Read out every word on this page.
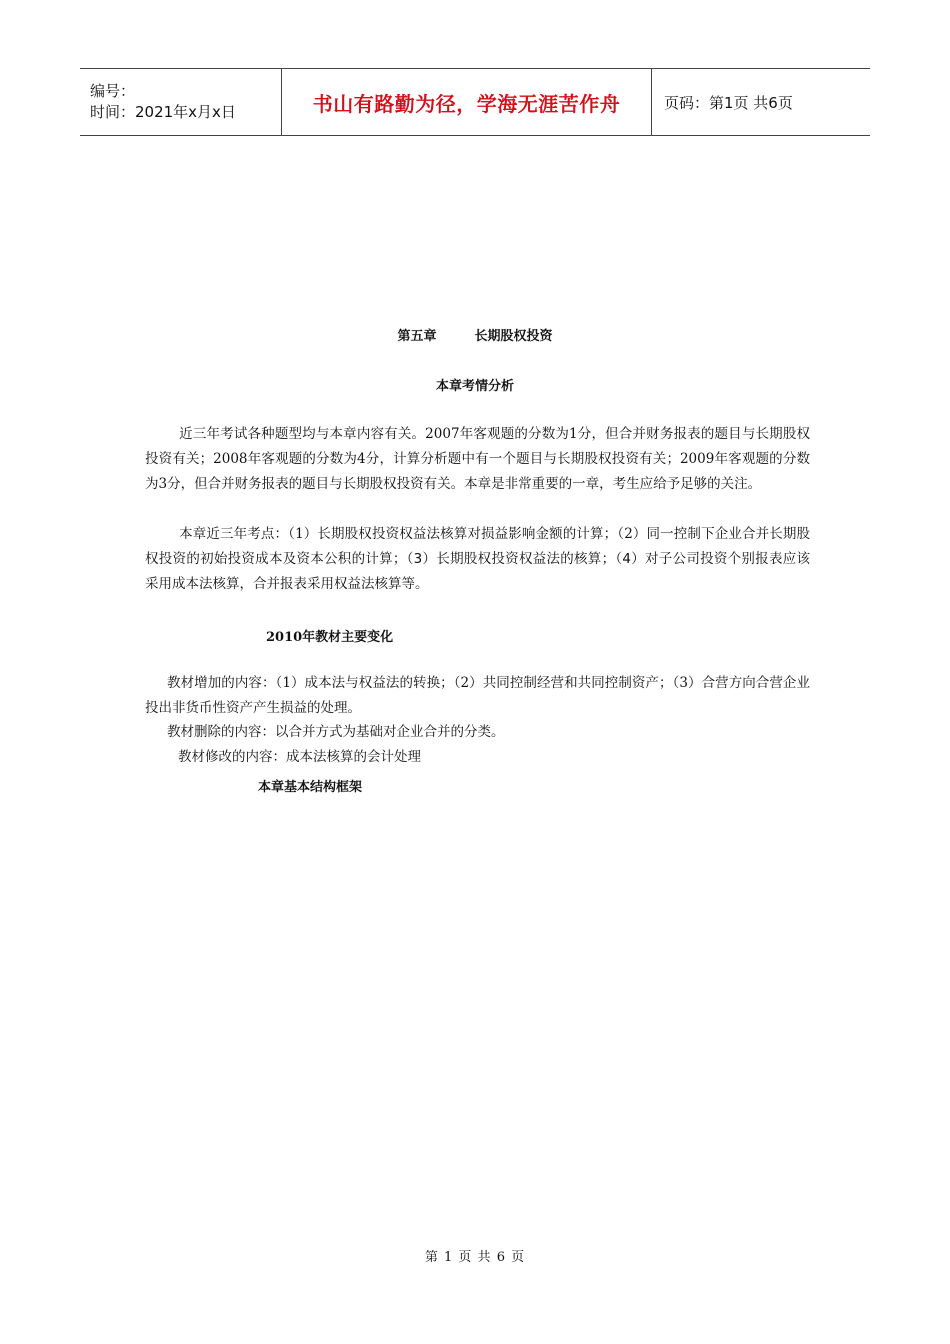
编号：
时间：2021年x月x日	书山有路勤为径，学海无涯苦作舟	页码：第1页 共6页
第五章	长期股权投资
本章考情分析
近三年考试各种题型均与本章内容有关。2007年客观题的分数为1分，但合并财务报表的题目与长期股权投资有关；2008年客观题的分数为4分，计算分析题中有一个题目与长期股权投资有关；2009年客观题的分数为3分，但合并财务报表的题目与长期股权投资有关。本章是非常重要的一章，考生应给予足够的关注。
本章近三年考点：（1）长期股权投资权益法核算对损益影响金额的计算；（2）同一控制下企业合并长期股权投资的初始投资成本及资本公积的计算；（3）长期股权投资权益法的核算；（4）对子公司投资个别报表应该采用成本法核算，合并报表采用权益法核算等。
2010年教材主要变化
教材增加的内容：（1）成本法与权益法的转换；（2）共同控制经营和共同控制资产；（3）合营方向合营企业投出非货币性资产产生损益的处理。
教材删除的内容：以合并方式为基础对企业合并的分类。
教材修改的内容：成本法核算的会计处理
本章基本结构框架
第 1 页 共 6 页
